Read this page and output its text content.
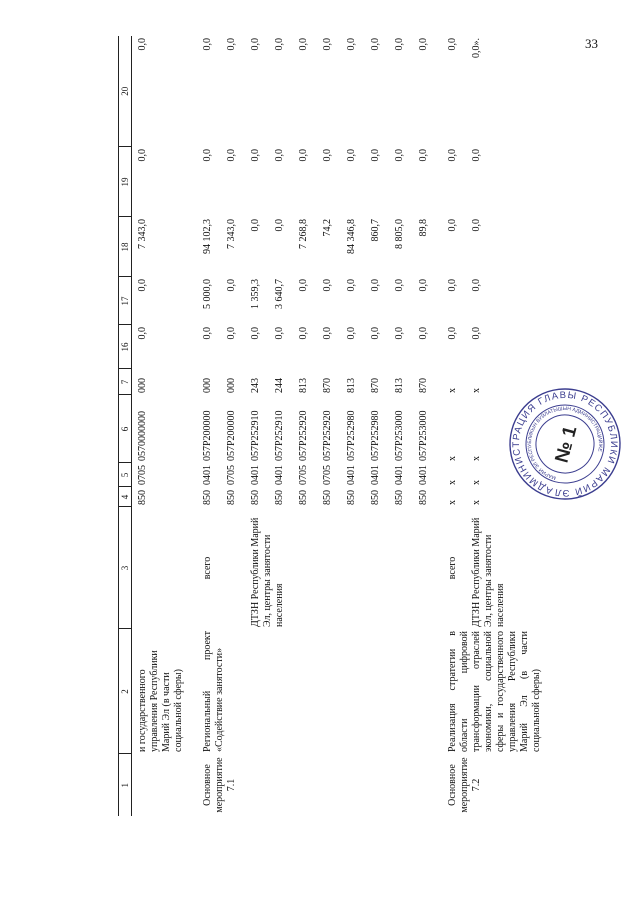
33
1	2	3	4	5	6	7	16	17	18	19	20

	и государственного управления Республики Марий Эл (в части социальной сферы)		850	0705	0570000000	000	0,0	0,0	7 343,0	0,0	0,0

Основное мероприятие 7.1	Региональный проект «Содействие занятости»	всего	850	0401	057P200000	000	0,0	5 000,0	94 102,3	0,0	0,0
			850	0705	057P200000	000	0,0	0,0	7 343,0	0,0	0,0
		ДТЗН Республики Марий Эл, центры занятости населения	850	0401	057P252910	243	0,0	1 359,3	0,0	0,0	0,0
			850	0401	057P252910	244	0,0	3 640,7	0,0	0,0	0,0
			850	0705	057P252920	813	0,0	0,0	7 268,8	0,0	0,0
			850	0705	057P252920	870	0,0	0,0	74,2	0,0	0,0
			850	0401	057P252980	813	0,0	0,0	84 346,8	0,0	0,0
			850	0401	057P252980	870	0,0	0,0	860,7	0,0	0,0
			850	0401	057P253000	813	0,0	0,0	8 805,0	0,0	0,0
			850	0401	057P253000	870	0,0	0,0	89,8	0,0	0,0

Основное мероприятие 7.2	Реализация стратегии в области цифровой трансформации отраслей экономики, социальной сферы и государственного управления Республики Марий Эл (в части социальной сферы)	всего	х	х	х	х	0,0	0,0	0,0	0,0	0,0
		ДТЗН Республики Марий Эл, центры занятости населения	х	х	х	х	0,0	0,0	0,0	0,0	0,0».
АДМИНИСТРАЦИЯ ГЛАВЫ РЕСПУБЛИКИ МАРИЙ ЭЛ
МАРИЙ ЭЛ РЕСПУБЛИКЫН ВУЙЛАТЫШЫН АДМИНИСТРАЦИЙЖЕ
№ 1
